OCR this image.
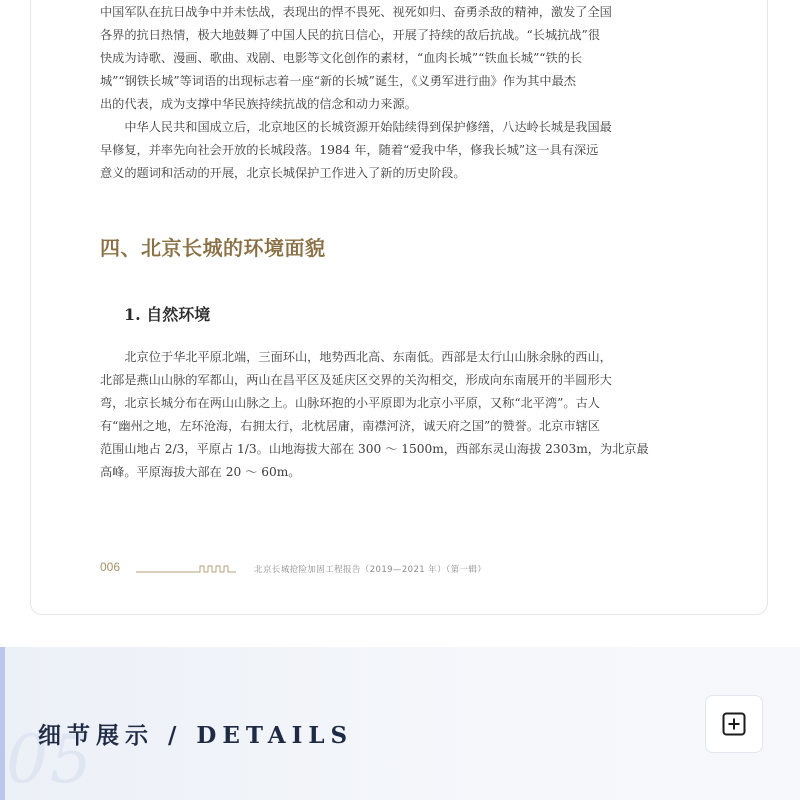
中国军队在抗日战争中并未怯战，表现出的悍不畏死、视死如归、奋勇杀敌的精神，激发了全国
各界的抗日热情，极大地鼓舞了中国人民的抗日信心，开展了持续的敌后抗战。“长城抗战”很
快成为诗歌、漫画、歌曲、戏剧、电影等文化创作的素材，“血肉长城”“铁血长城”“铁的长
城”“钢铁长城”等词语的出现标志着一座“新的长城”诞生，《义勇军进行曲》作为其中最杰
出的代表，成为支撑中华民族持续抗战的信念和动力来源。

　　中华人民共和国成立后，北京地区的长城资源开始陆续得到保护修缮，八达岭长城是我国最
早修复，并率先向社会开放的长城段落。1984 年，随着“爱我中华，修我长城”这一具有深远
意义的题词和活动的开展，北京长城保护工作进入了新的历史阶段。

四、北京长城的环境面貌
1. 自然环境

　　北京位于华北平原北端，三面环山，地势西北高、东南低。西部是太行山山脉余脉的西山，
北部是燕山山脉的军都山，两山在昌平区及延庆区交界的关沟相交，形成向东南展开的半圆形大
弯，北京长城分布在两山山脉之上。山脉环抱的小平原即为北京小平原，又称“北平湾”。古人
有“幽州之地，左环沧海，右拥太行，北枕居庸，南襟河济，诚天府之国”的赞誉。北京市辖区
范围山地占 2/3，平原占 1/3。山地海拔大部在 300 ～ 1500m，西部东灵山海拔 2303m，为北京最
高峰。平原海拔大部在 20 ～ 60m。

006	北京长城抢险加固工程报告（2019—2021 年）（第一辑）
05
细节展示 / DETAILS
